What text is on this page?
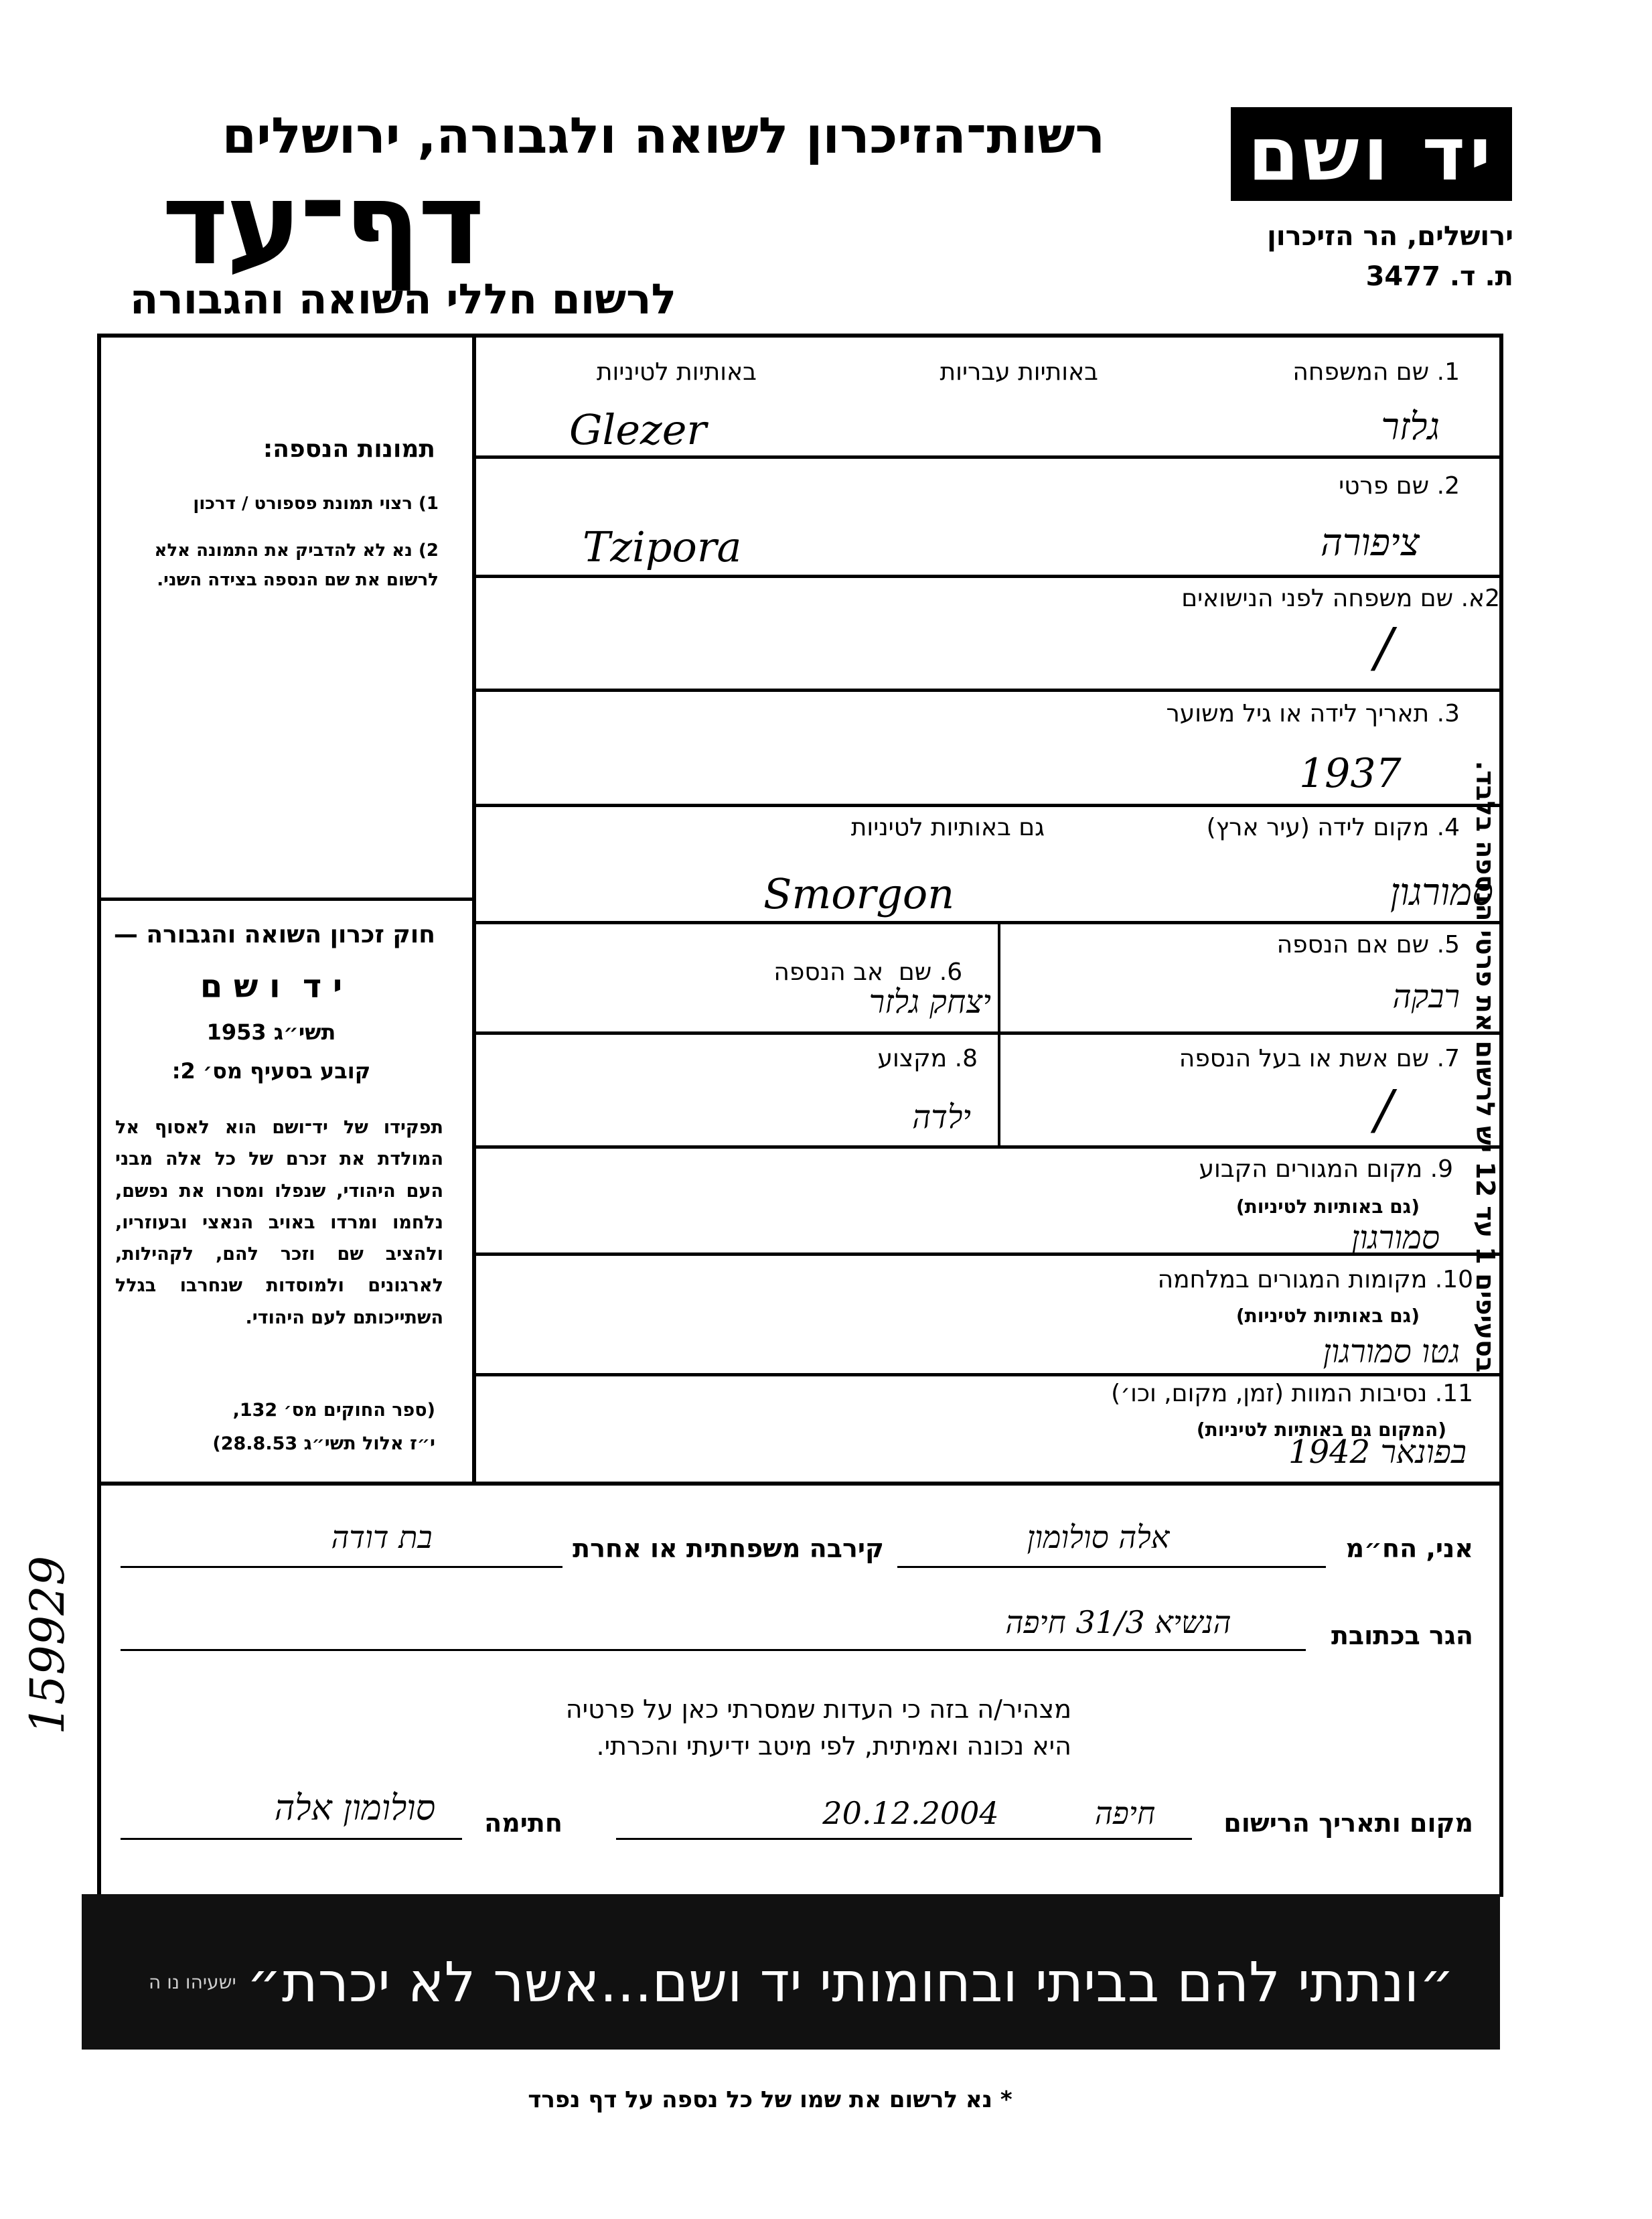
רשות־הזיכרון לשואה ולגבורה, ירושלים
דף־עד
לרשום חללי השואה והגבורה
יד ושם
ירושלים, הר הזיכרון
ת. ד. 3477
תמונות הנספה:
1) רצוי תמונת פספורט / דרכון
2) נא לא להדביק את התמונה אלא לרשום את שם הנספה בצידה השני.
חוק זכרון השואה והגבורה —
י ד  ו ש ם
תשי״ג 1953
קובע בסעיף מס׳ 2:
תפקידו של יד־ושם הוא לאסוף אל המולדת את זכרם של כל אלה מבני העם היהודי, שנפלו ומסרו את נפשם, נלחמו ומרדו באויב הנאצי ובעוזריו, ולהציב שם וזכר להם, לקהילות, לארגונים ולמוסדות שנחרבו בגלל השתייכותם לעם היהודי.
(ספר החוקים מס׳ 132,
י״ז אלול תשי״ג 28.8.53)
1. שם המשפחה
באותיות עבריות
באותיות לטיניות
גלזר
Glezer
2. שם פרטי
ציפורה
Tzipora
2א. שם משפחה לפני הנישואים
/
3. תאריך לידה או גיל משוער
1937
4. מקום לידה (עיר ארץ)
גם באותיות לטיניות
סמורגון
Smorgon
5. שם אם הנספה
רבקה

6. שם  אב הנספה

יצחק גלזר
7. שם אשת או בעל הנספה
/
8. מקצוע
ילדה
9. מקום המגורים הקבוע
(גם באותיות לטיניות)
סמורגון
10. מקומות המגורים במלחמה
(גם באותיות לטיניות)
גטו סמורגון
11. נסיבות המוות (זמן, מקום, וכו׳)
(המקום גם באותיות לטיניות)
בפונאר 1942
אני, הח״מ
אלה סולומון
קירבה משפחתית או אחרת
בת דודה
הגר בכתובת
הנשיא 31/3 חיפה
מצהיר/ה בזה כי העדות שמסרתי כאן על פרטיה
היא נכונה ואמיתית, לפי מיטב ידיעתי והכרתי.
מקום ותאריך הרישום
חיפה
20.12.2004
חתימה
סולומון אלה
״ונתתי להם בביתי ובחומותי יד ושם...אשר לא יכרת״
ישעיהו נו ה
* נא לרשום את שמו של כל נספה על דף נפרד
בסעיפים 1 עד 12 יש לרשום את פרטי הנספה בלבד.
159929
